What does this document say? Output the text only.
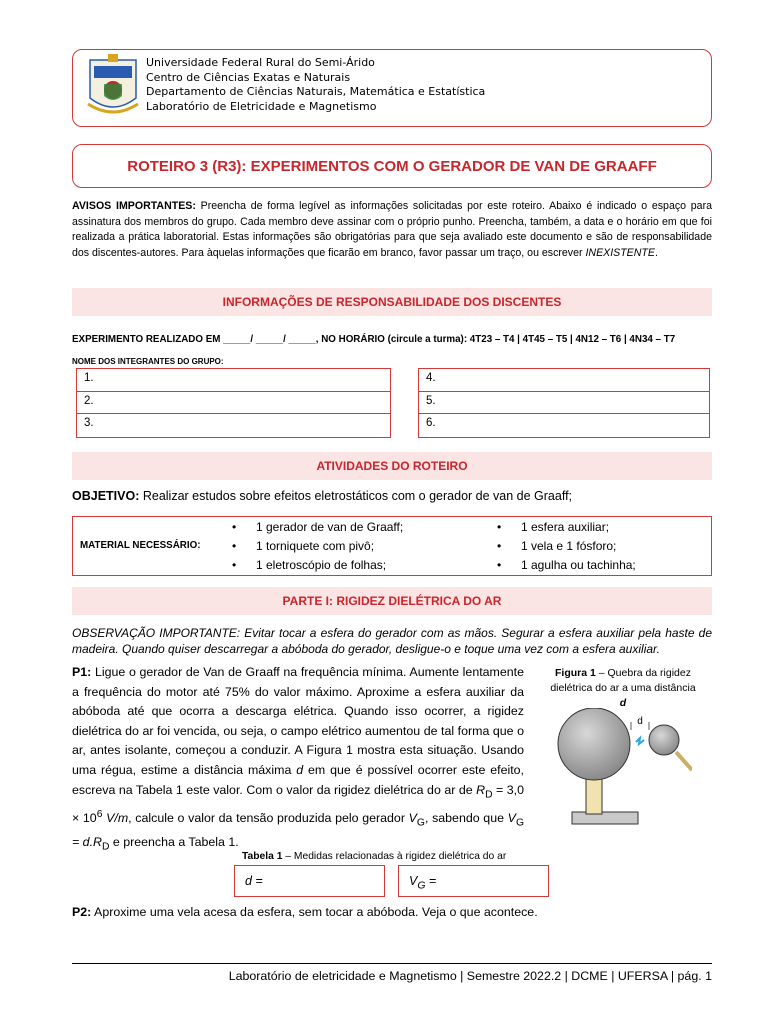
Universidade Federal Rural do Semi-Árido
Centro de Ciências Exatas e Naturais
Departamento de Ciências Naturais, Matemática e Estatística
Laboratório de Eletricidade e Magnetismo
ROTEIRO 3 (R3): EXPERIMENTOS COM O GERADOR DE VAN DE GRAAFF
AVISOS IMPORTANTES: Preencha de forma legível as informações solicitadas por este roteiro. Abaixo é indicado o espaço para assinatura dos membros do grupo. Cada membro deve assinar com o próprio punho. Preencha, também, a data e o horário em que foi realizada a prática laboratorial. Estas informações são obrigatórias para que seja avaliado este documento e são de responsabilidade dos discentes-autores. Para àquelas informações que ficarão em branco, favor passar um traço, ou escrever INEXISTENTE.
INFORMAÇÕES DE RESPONSABILIDADE DOS DISCENTES
EXPERIMENTO REALIZADO EM _____/ _____/ _____, NO HORÁRIO (circule a turma): 4T23 – T4 | 4T45 – T5 | 4N12 – T6 | 4N34 – T7
NOME DOS INTEGRANTES DO GRUPO:
1.
2.
3.
4.
5.
6.
ATIVIDADES DO ROTEIRO
OBJETIVO: Realizar estudos sobre efeitos eletrostáticos com o gerador de van de Graaff;
MATERIAL NECESSÁRIO:
• 1 gerador de van de Graaff;
• 1 torniquete com pivô;
• 1 eletroscópio de folhas;
• 1 esfera auxiliar;
• 1 vela e 1 fósforo;
• 1 agulha ou tachinha;
PARTE I: RIGIDEZ DIELÉTRICA DO AR
OBSERVAÇÃO IMPORTANTE: Evitar tocar a esfera do gerador com as mãos. Segurar a esfera auxiliar pela haste de madeira. Quando quiser descarregar a abóboda do gerador, desligue-o e toque uma vez com a esfera auxiliar.
P1: Ligue o gerador de Van de Graaff na frequência mínima. Aumente lentamente a frequência do motor até 75% do valor máximo. Aproxime a esfera auxiliar da abóboda até que ocorra a descarga elétrica. Quando isso ocorrer, a rigidez dielétrica do ar foi vencida, ou seja, o campo elétrico aumentou de tal forma que o ar, antes isolante, começou a conduzir. A Figura 1 mostra esta situação. Usando uma régua, estime a distância máxima d em que é possível ocorrer este efeito, escreva na Tabela 1 este valor. Com o valor da rigidez dielétrica do ar de $R_D = 3,0 \times 10^6$ V/m, calcule o valor da tensão produzida pelo gerador $V_G$, sabendo que $V_G = d.R_D$ e preencha a Tabela 1.
Figura 1 – Quebra da rigidez dielétrica do ar a uma distância
d
d
Tabela 1 – Medidas relacionadas à rigidez dielétrica do ar
d =	$V_G$ =
P2: Aproxime uma vela acesa da esfera, sem tocar a abóboda. Veja o que acontece.
Laboratório de eletricidade e Magnetismo | Semestre 2022.2 | DCME | UFERSA | pág. 1
